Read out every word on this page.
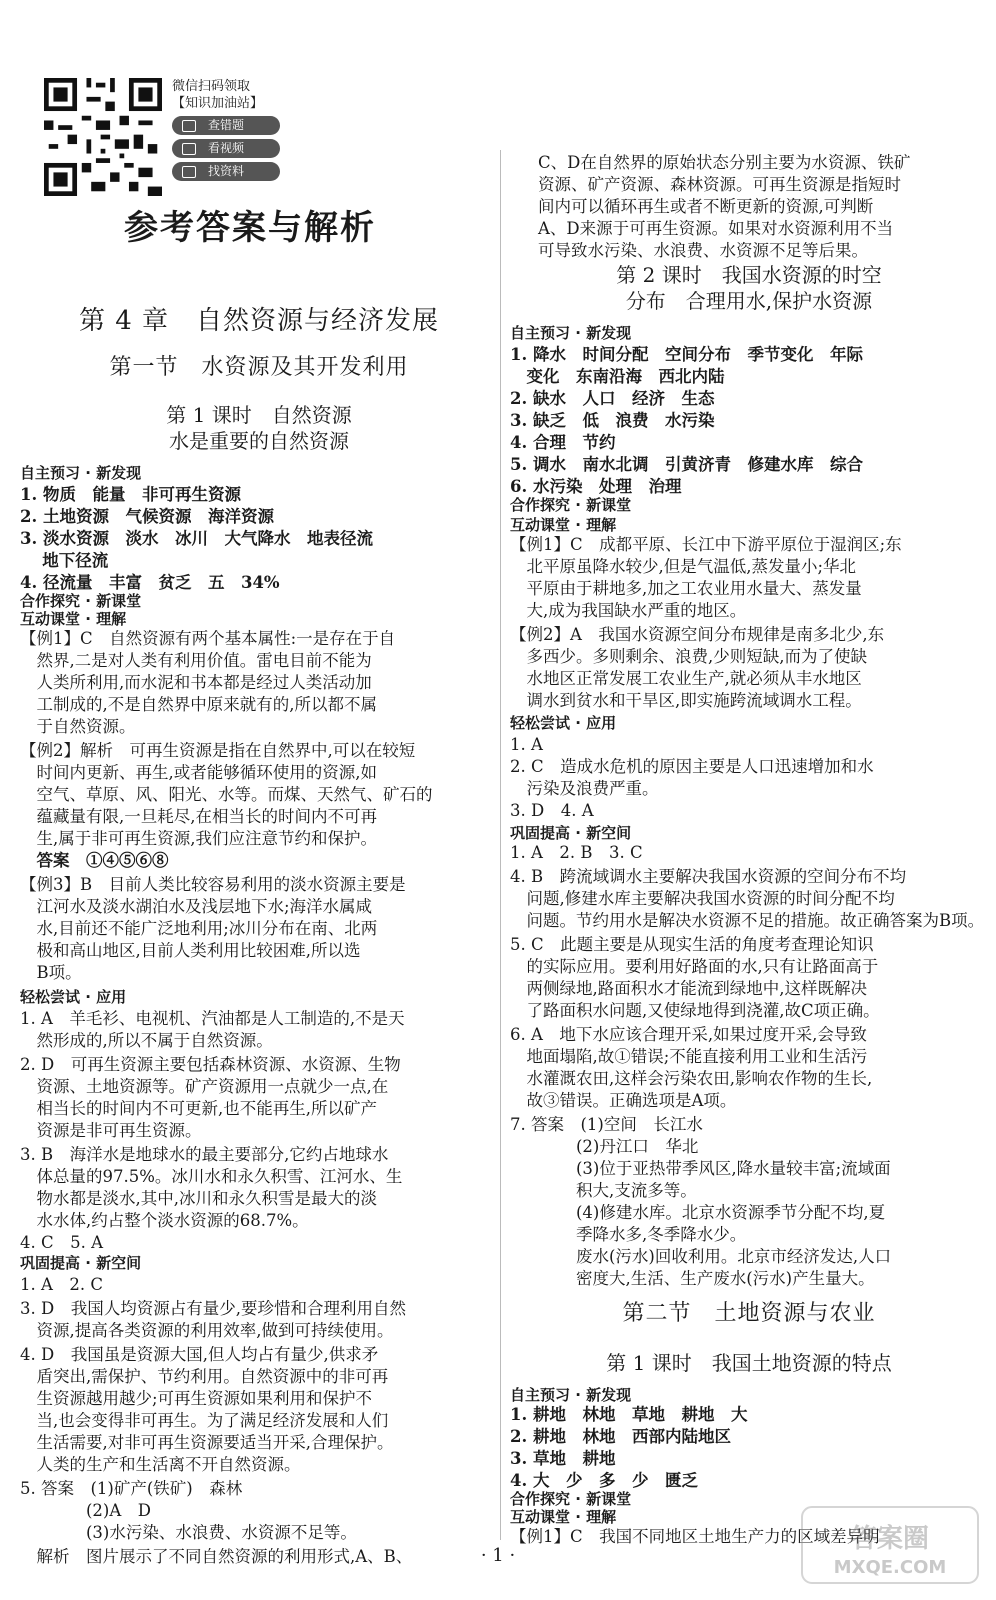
微信扫码领取
【知识加油站】
查错题
看视频
找资料
参考答案与解析
第 4 章　自然资源与经济发展
第一节　水资源及其开发利用
第 1 课时　自然资源
水是重要的自然资源
自主预习 · 新发现
1. 物质　能量　非可再生资源
2. 土地资源　气候资源　海洋资源
3. 淡水资源　淡水　冰川　大气降水　地表径流
　 地下径流
4. 径流量　丰富　贫乏　五　34%
合作探究 · 新课堂
互动课堂 · 理解
【例1】C　自然资源有两个基本属性:一是存在于自
　然界,二是对人类有利用价值。雷电目前不能为
　人类所利用,而水泥和书本都是经过人类活动加
　工制成的,不是自然界中原来就有的,所以都不属
　于自然资源。
【例2】解析　可再生资源是指在自然界中,可以在较短
　时间内更新、再生,或者能够循环使用的资源,如
　空气、草原、风、阳光、水等。而煤、天然气、矿石的
　蕴藏量有限,一旦耗尽,在相当长的时间内不可再
　生,属于非可再生资源,我们应注意节约和保护。
　答案　①④⑤⑥⑧
【例3】B　目前人类比较容易利用的淡水资源主要是
　江河水及淡水湖泊水及浅层地下水;海洋水属咸
　水,目前还不能广泛地利用;冰川分布在南、北两
　极和高山地区,目前人类利用比较困难,所以选
　B项。
轻松尝试 · 应用
1. A　羊毛衫、电视机、汽油都是人工制造的,不是天
　然形成的,所以不属于自然资源。
2. D　可再生资源主要包括森林资源、水资源、生物
　资源、土地资源等。矿产资源用一点就少一点,在
　相当长的时间内不可更新,也不能再生,所以矿产
　资源是非可再生资源。
3. B　海洋水是地球水的最主要部分,它约占地球水
　体总量的97.5%。冰川水和永久积雪、江河水、生
　物水都是淡水,其中,冰川和永久积雪是最大的淡
　水水体,约占整个淡水资源的68.7%。
4. C　5. A
巩固提高 · 新空间
1. A　2. C
3. D　我国人均资源占有量少,要珍惜和合理利用自然
　资源,提高各类资源的利用效率,做到可持续使用。
4. D　我国虽是资源大国,但人均占有量少,供求矛
　盾突出,需保护、节约利用。自然资源中的非可再
　生资源越用越少;可再生资源如果利用和保护不
　当,也会变得非可再生。为了满足经济发展和人们
　生活需要,对非可再生资源要适当开采,合理保护。
　人类的生产和生活离不开自然资源。
5. 答案　(1)矿产(铁矿)　森林
　　　　(2)A　D
　　　　(3)水污染、水浪费、水资源不足等。
　解析　图片展示了不同自然资源的利用形式,A、B、
C、D在自然界的原始状态分别主要为水资源、铁矿
资源、矿产资源、森林资源。可再生资源是指短时
间内可以循环再生或者不断更新的资源,可判断
A、D来源于可再生资源。如果对水资源利用不当
可导致水污染、水浪费、水资源不足等后果。
第 2 课时　我国水资源的时空
分布　合理用水,保护水资源
自主预习 · 新发现
1. 降水　时间分配　空间分布　季节变化　年际
　变化　东南沿海　西北内陆
2. 缺水　人口　经济　生态
3. 缺乏　低　浪费　水污染
4. 合理　节约
5. 调水　南水北调　引黄济青　修建水库　综合
6. 水污染　处理　治理
合作探究 · 新课堂
互动课堂 · 理解
【例1】C　成都平原、长江中下游平原位于湿润区;东
　北平原虽降水较少,但是气温低,蒸发量小;华北
　平原由于耕地多,加之工农业用水量大、蒸发量
　大,成为我国缺水严重的地区。
【例2】A　我国水资源空间分布规律是南多北少,东
　多西少。多则剩余、浪费,少则短缺,而为了使缺
　水地区正常发展工农业生产,就必须从丰水地区
　调水到贫水和干旱区,即实施跨流域调水工程。
轻松尝试 · 应用
1. A
2. C　造成水危机的原因主要是人口迅速增加和水
　污染及浪费严重。
3. D　4. A
巩固提高 · 新空间
1. A　2. B　3. C
4. B　跨流域调水主要解决我国水资源的空间分布不均
　问题,修建水库主要解决我国水资源的时间分配不均
　问题。节约用水是解决水资源不足的措施。故正确答案为B项。
5. C　此题主要是从现实生活的角度考查理论知识
　的实际应用。要利用好路面的水,只有让路面高于
　两侧绿地,路面积水才能流到绿地中,这样既解决
　了路面积水问题,又使绿地得到浇灌,故C项正确。
6. A　地下水应该合理开采,如果过度开采,会导致
　地面塌陷,故①错误;不能直接利用工业和生活污
　水灌溉农田,这样会污染农田,影响农作物的生长,
　故③错误。正确选项是A项。
7. 答案　(1)空间　长江水
　　　　(2)丹江口　华北
　　　　(3)位于亚热带季风区,降水量较丰富;流域面
　　　　积大,支流多等。
　　　　(4)修建水库。北京水资源季节分配不均,夏
　　　　季降水多,冬季降水少。
　　　　废水(污水)回收利用。北京市经济发达,人口
　　　　密度大,生活、生产废水(污水)产生量大。
第二节　土地资源与农业
第 1 课时　我国土地资源的特点
自主预习 · 新发现
1. 耕地　林地　草地　耕地　大
2. 耕地　林地　西部内陆地区
3. 草地　耕地
4. 大　少　多　少　匮乏
合作探究 · 新课堂
互动课堂 · 理解
【例1】C　我国不同地区土地生产力的区域差异明
· 1 ·
答案圈
MXQE.COM
